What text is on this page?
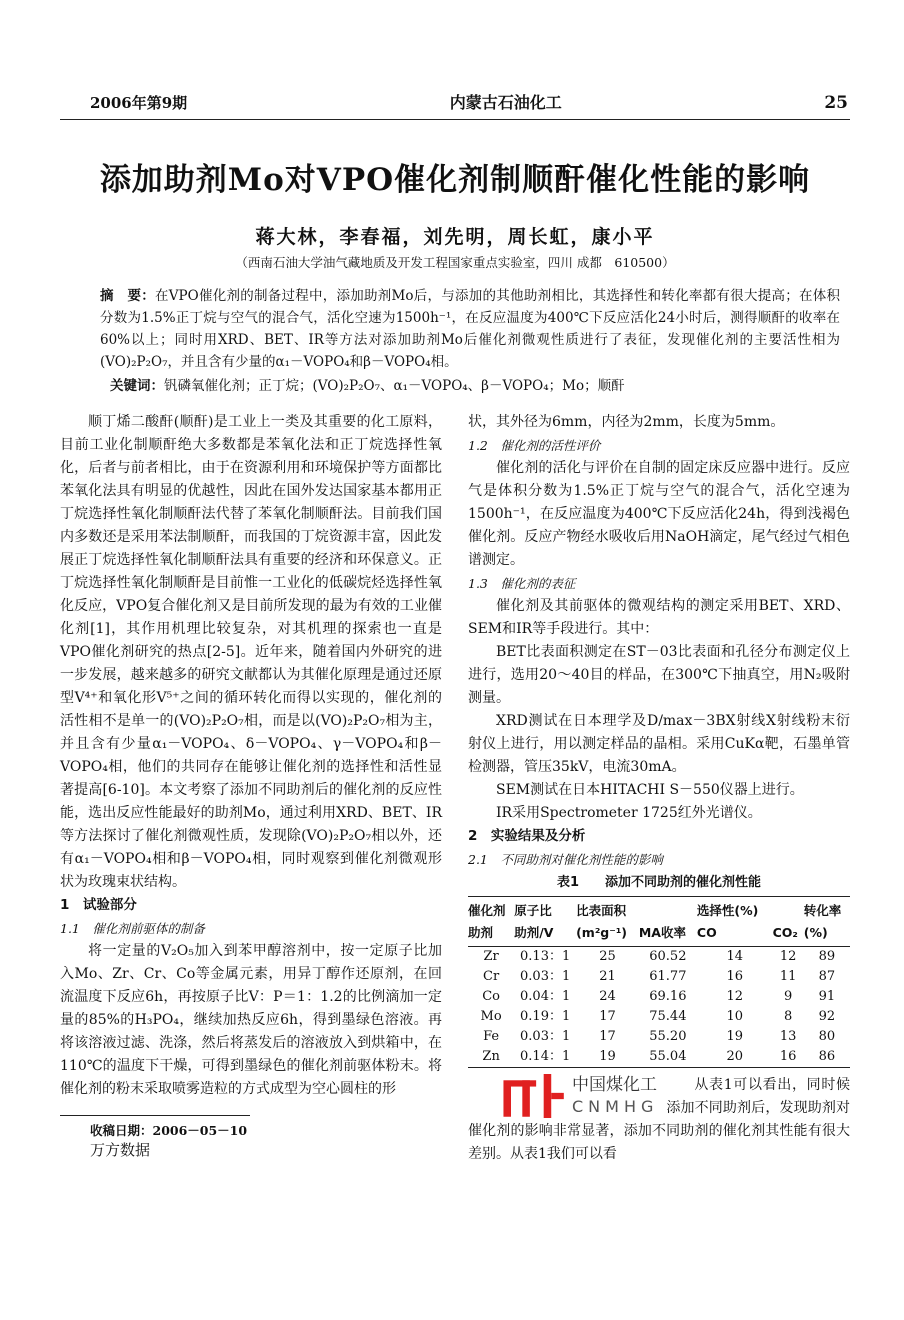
2006年第9期	内蒙古石油化工	25
添加助剂Mo对VPO催化剂制顺酐催化性能的影响
蒋大林，李春福，刘先明，周长虹，康小平
（西南石油大学油气藏地质及开发工程国家重点实验室，四川 成都　610500）
摘　要：在VPO催化剂的制备过程中，添加助剂Mo后，与添加的其他助剂相比，其选择性和转化率都有很大提高；在体积分数为1.5%正丁烷与空气的混合气，活化空速为1500h⁻¹，在反应温度为400℃下反应活化24小时后，测得顺酐的收率在60%以上；同时用XRD、BET、IR等方法对添加助剂Mo后催化剂微观性质进行了表征，发现催化剂的主要活性相为(VO)₂P₂O₇，并且含有少量的α₁－VOPO₄和β－VOPO₄相。
关键词：钒磷氧催化剂；正丁烷；(VO)₂P₂O₇、α₁－VOPO₄、β－VOPO₄；Mo；顺酐

顺丁烯二酸酐(顺酐)是工业上一类及其重要的化工原料，目前工业化制顺酐绝大多数都是苯氧化法和正丁烷选择性氧化，后者与前者相比，由于在资源利用和环境保护等方面都比苯氧化法具有明显的优越性，因此在国外发达国家基本都用正丁烷选择性氧化制顺酐法代替了苯氧化制顺酐法。目前我们国内多数还是采用苯法制顺酐，而我国的丁烷资源丰富，因此发展正丁烷选择性氧化制顺酐法具有重要的经济和环保意义。正丁烷选择性氧化制顺酐是目前惟一工业化的低碳烷烃选择性氧化反应，VPO复合催化剂又是目前所发现的最为有效的工业催化剂[1]，其作用机理比较复杂，对其机理的探索也一直是VPO催化剂研究的热点[2-5]。近年来，随着国内外研究的进一步发展，越来越多的研究文献都认为其催化原理是通过还原型V⁴⁺和氧化形V⁵⁺之间的循环转化而得以实现的，催化剂的活性相不是单一的(VO)₂P₂O₇相，而是以(VO)₂P₂O₇相为主，并且含有少量α₁－VOPO₄、δ－VOPO₄、γ－VOPO₄和β－VOPO₄相，他们的共同存在能够让催化剂的选择性和活性显著提高[6-10]。本文考察了添加不同助剂后的催化剂的反应性能，选出反应性能最好的助剂Mo，通过利用XRD、BET、IR等方法探讨了催化剂微观性质，发现除(VO)₂P₂O₇相以外，还有α₁－VOPO₄相和β－VOPO₄相，同时观察到催化剂微观形状为玫瑰束状结构。

1　试验部分
1.1　催化剂前驱体的制备

将一定量的V₂O₅加入到苯甲醇溶剂中，按一定原子比加入Mo、Zr、Cr、Co等金属元素，用异丁醇作还原剂，在回流温度下反应6h，再按原子比V：P＝1：1.2的比例滴加一定量的85%的H₃PO₄，继续加热反应6h，得到墨绿色溶液。再将该溶液过滤、洗涤，然后将蒸发后的溶液放入到烘箱中，在110℃的温度下干燥，可得到墨绿色的催化剂前驱体粉末。将催化剂的粉末采取喷雾造粒的方式成型为空心圆柱的形

收稿日期：2006－05－10
万方数据

状，其外径为6mm，内径为2mm，长度为5mm。

1.2　催化剂的活性评价

催化剂的活化与评价在自制的固定床反应器中进行。反应气是体积分数为1.5%正丁烷与空气的混合气，活化空速为1500h⁻¹，在反应温度为400℃下反应活化24h，得到浅褐色催化剂。反应产物经水吸收后用NaOH滴定，尾气经过气相色谱测定。

1.3　催化剂的表征

催化剂及其前驱体的微观结构的测定采用BET、XRD、SEM和IR等手段进行。其中：

BET比表面积测定在ST－03比表面和孔径分布测定仪上进行，选用20～40目的样品，在300℃下抽真空，用N₂吸附测量。

XRD测试在日本理学及D/max－3BX射线X射线粉末衍射仪上进行，用以测定样品的晶相。采用CuKα靶，石墨单管检测器，管压35kV，电流30mA。

SEM测试在日本HITACHI S－550仪器上进行。

IR采用Spectrometer 1725红外光谱仪。

2　实验结果及分析
2.1　不同助剂对催化剂性能的影响
表1　　添加不同助剂的催化剂性能
催化剂	原子比	比表面积		选择性(%)		转化率
助剂	助剂/V	(m²g⁻¹)	MA收率	CO	CO₂	(%)
Zr	0.13：1	25	60.52	14	12	89
Cr	0.03：1	21	61.77	16	11	87
Co	0.04：1	24	69.16	12	9	91
Mo	0.19：1	17	75.44	10	8	92
Fe	0.03：1	17	55.20	19	13	80
Zn	0.14：1	19	55.04	20	16	86
中国煤化工
CNMHG

从表1可以看出，同时候添加不同助剂后，发现助剂对催化剂的影响非常显著，添加不同助剂的催化剂其性能有很大差别。从表1我们可以看
